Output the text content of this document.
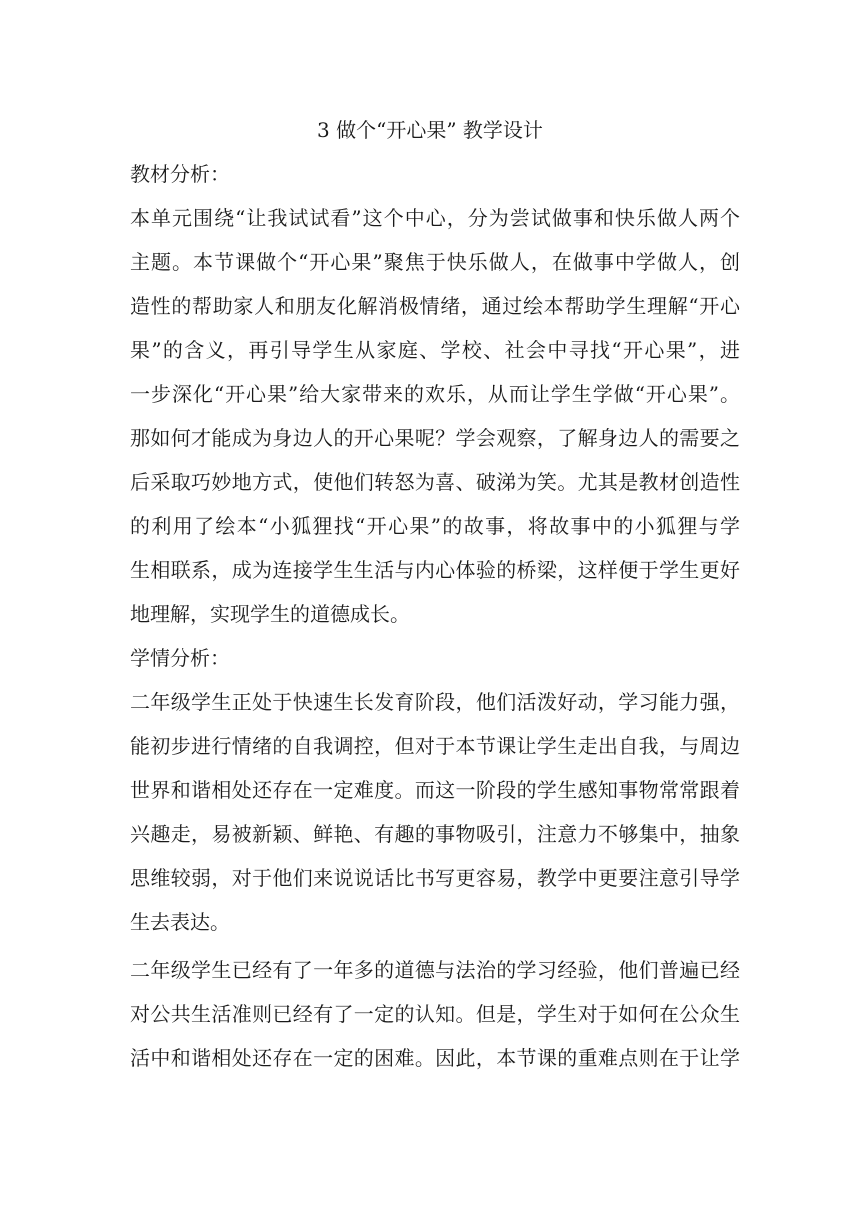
3 做个“开心果” 教学设计
教材分析：
本单元围绕“让我试试看”这个中心，分为尝试做事和快乐做人两个
主题。本节课做个“开心果”聚焦于快乐做人，在做事中学做人，创
造性的帮助家人和朋友化解消极情绪，通过绘本帮助学生理解“开心
果”的含义，再引导学生从家庭、学校、社会中寻找“开心果”，进
一步深化“开心果”给大家带来的欢乐，从而让学生学做“开心果”。
那如何才能成为身边人的开心果呢？学会观察，了解身边人的需要之
后采取巧妙地方式，使他们转怒为喜、破涕为笑。尤其是教材创造性
的利用了绘本“小狐狸找“开心果”的故事，将故事中的小狐狸与学
生相联系，成为连接学生生活与内心体验的桥梁，这样便于学生更好
地理解，实现学生的道德成长。
学情分析：
二年级学生正处于快速生长发育阶段，他们活泼好动，学习能力强，
能初步进行情绪的自我调控，但对于本节课让学生走出自我，与周边
世界和谐相处还存在一定难度。而这一阶段的学生感知事物常常跟着
兴趣走，易被新颖、鲜艳、有趣的事物吸引，注意力不够集中，抽象
思维较弱，对于他们来说说话比书写更容易，教学中更要注意引导学
生去表达。
二年级学生已经有了一年多的道德与法治的学习经验，他们普遍已经
对公共生活准则已经有了一定的认知。但是，学生对于如何在公众生
活中和谐相处还存在一定的困难。因此，本节课的重难点则在于让学
